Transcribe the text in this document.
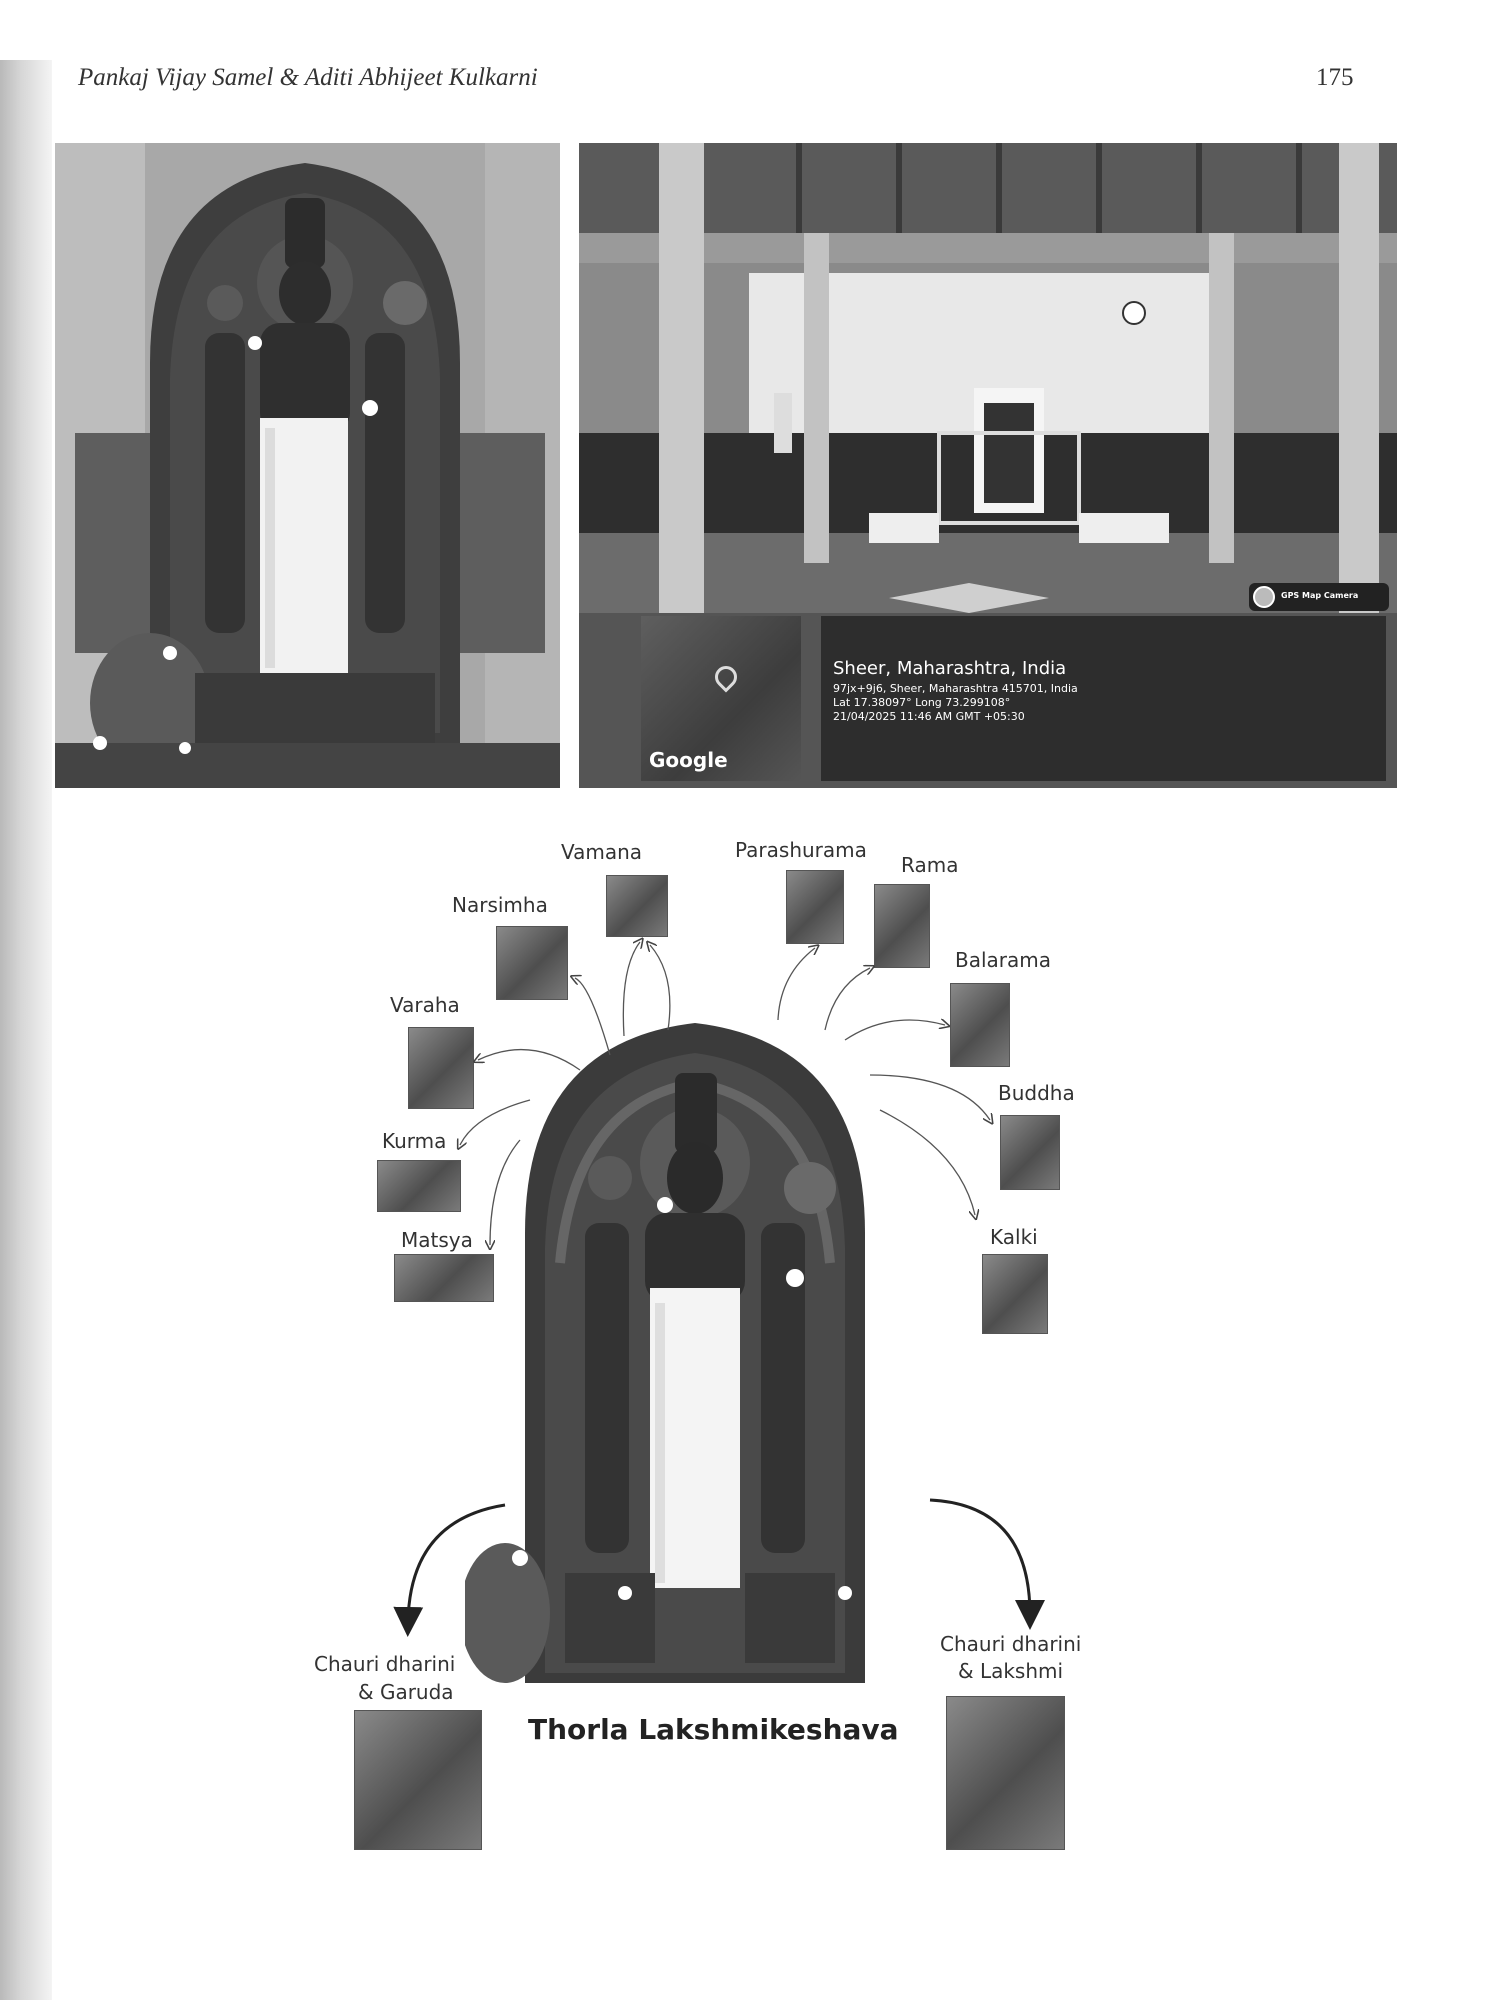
Pankaj Vijay Samel & Aditi Abhijeet Kulkarni	175
Google
Sheer, Maharashtra, India
97jx+9j6, Sheer, Maharashtra 415701, India
Lat 17.38097° Long 73.299108°
21/04/2025 11:46 AM GMT +05:30
GPS Map Camera
Vamana	Parashurama
Rama
Narsimha
Balarama
Varaha
Buddha
Kurma
Kalki
Matsya
Chauri dharini
& Garuda
Chauri dharini
& Lakshmi
Thorla Lakshmikeshava
